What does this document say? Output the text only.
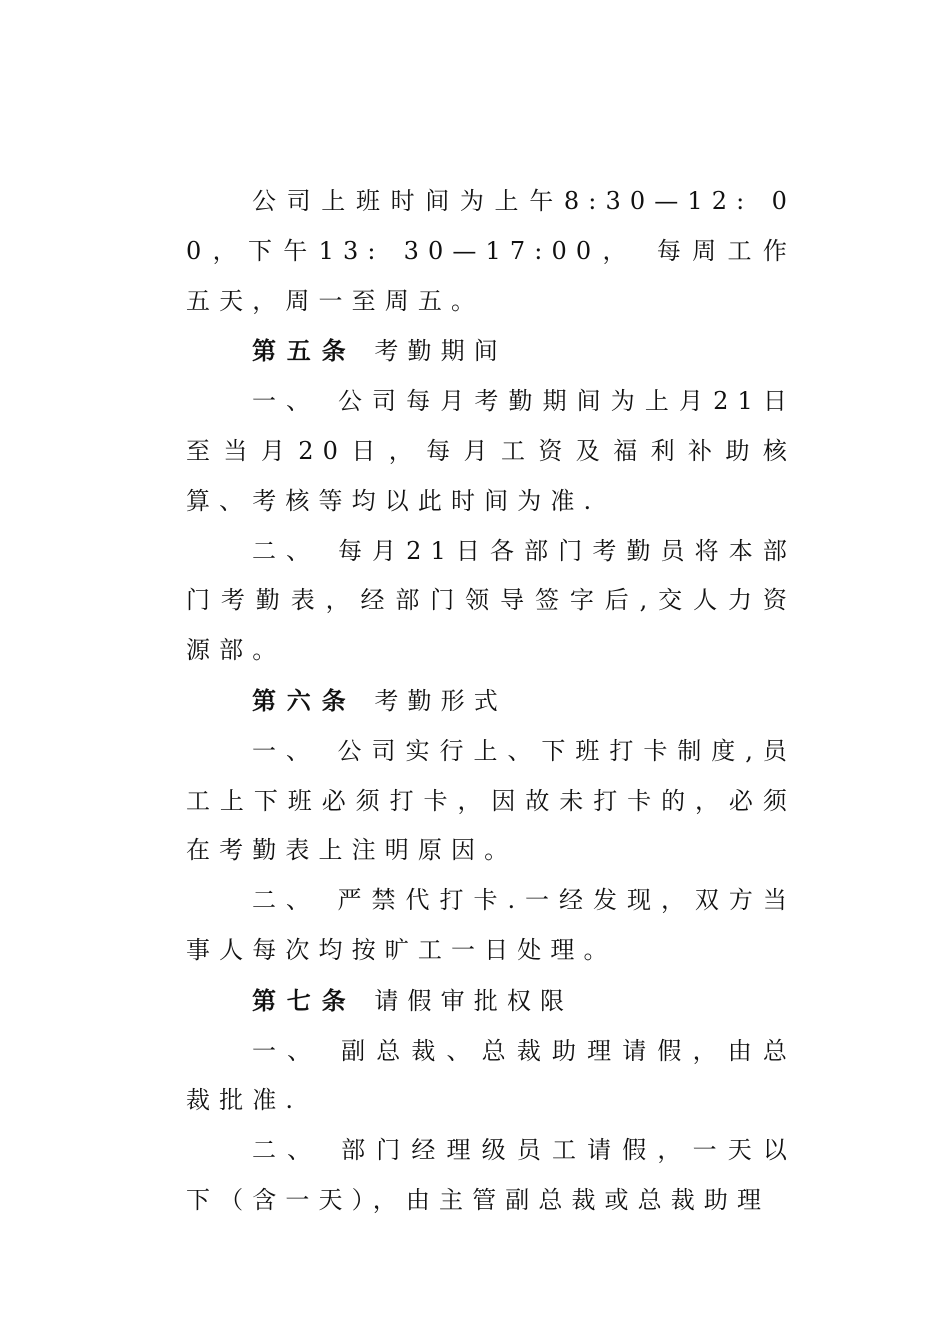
公司上班时间为上午8:30—12: 00，下午13: 30—17:00， 每周工作五天，周一至周五。

第五条 考勤期间

一、 公司每月考勤期间为上月21日至当月20日，每月工资及福利补助核算、考核等均以此时间为准.

二、 每月21日各部门考勤员将本部门考勤表，经部门领导签字后,交人力资源部。

第六条 考勤形式

一、 公司实行上、下班打卡制度,员工上下班必须打卡，因故未打卡的，必须在考勤表上注明原因。

二、 严禁代打卡.一经发现，双方当事人每次均按旷工一日处理。

第七条 请假审批权限

一、 副总裁、总裁助理请假，由总裁批准.

二、 部门经理级员工请假，一天以下（含一天），由主管副总裁或总裁助理
